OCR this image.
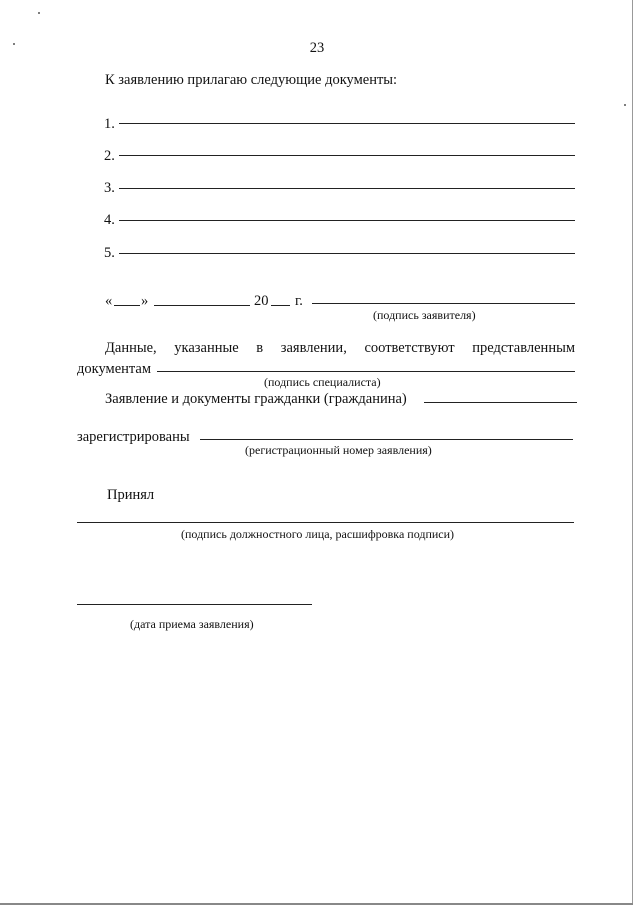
23
К заявлению прилагаю следующие документы:
1.
2.
3.
4.
5.
« »	20 г.
(подпись заявителя)
Данные, указанные в заявлении, соответствуют представленным
документам
(подпись специалиста)
Заявление и документы гражданки (гражданина)
зарегистрированы
(регистрационный номер заявления)
Принял
(подпись должностного лица, расшифровка подписи)
(дата приема заявления)
